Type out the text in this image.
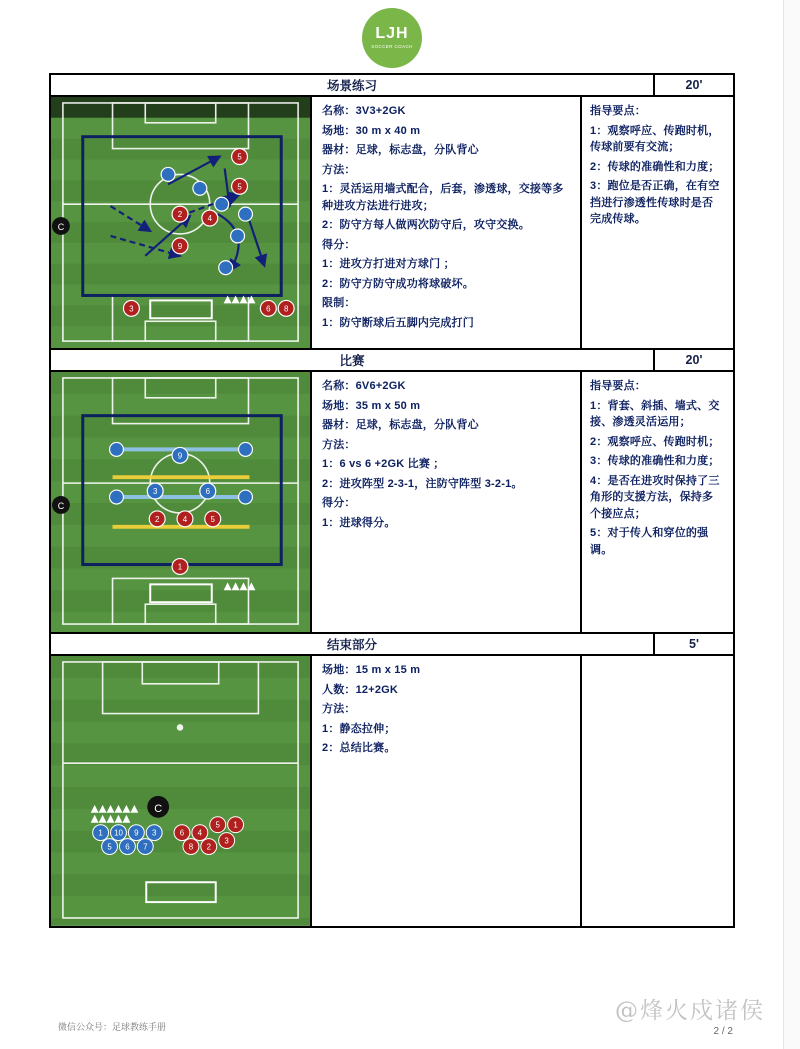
LJH
SOCCER COACH
场景练习	20'
2	4
9
5
5
3	6 8
C

名称：3V3+2GK

场地：30 m x 40 m

器材：足球，标志盘，分队背心

方法：

1：灵活运用墙式配合，后套，渗透球，交接等多种进攻方法进行进攻；

2：防守方每人做两次防守后，攻守交换。

得分：

1：进攻方打进对方球门 ；

2：防守方防守成功将球破坏。

限制：

1：防守断球后五脚内完成打门

指导要点：

1：观察呼应、传跑时机，传球前要有交流；

2：传球的准确性和力度；

3：跑位是否正确，在有空挡进行渗透性传球时是否完成传球。

比赛	20'
9
3	6
2	4	5
1
C

名称：6V6+2GK

场地：35 m x 50 m

器材：足球，标志盘，分队背心

方法：

1：6 vs 6 +2GK 比赛 ；

2：进攻阵型 2-3-1，注防守阵型 3-2-1。

得分：

1：进球得分。

指导要点：

1：背套、斜插、墙式、交接、渗透灵活运用；

2：观察呼应、传跑时机；

3：传球的准确性和力度；

4：是否在进攻时保持了三角形的支援方法，保持多个接应点；

5：对于传人和穿位的强调。

结束部分	5'
C
1 10 9 3
5 6 7
6 4
5 1
8 2
3

场地：15 m x 15 m

人数：12+2GK

方法：

1：静态拉伸；

2：总结比赛。

微信公众号：足球教练手册
@烽火戍诸侯
2 / 2
